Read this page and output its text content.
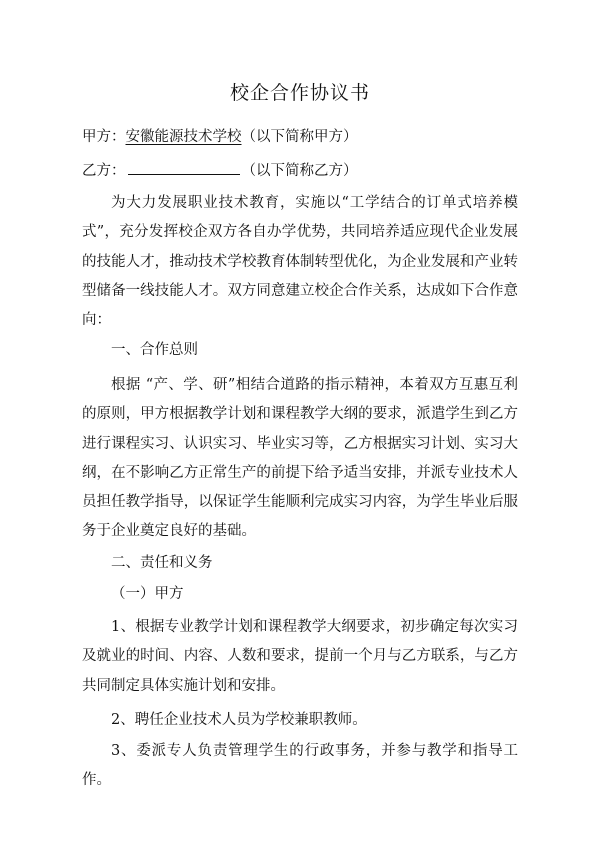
校企合作协议书
甲方：安徽能源技术学校（以下简称甲方）
乙方：	（以下简称乙方）

为大力发展职业技术教育，实施以“工学结合的订单式培养模式”，充分发挥校企双方各自办学优势，共同培养适应现代企业发展的技能人才，推动技术学校教育体制转型优化，为企业发展和产业转型储备一线技能人才。双方同意建立校企合作关系，达成如下合作意向：

一、合作总则

根据 “产、学、研”相结合道路的指示精神，本着双方互惠互利的原则，甲方根据教学计划和课程教学大纲的要求，派遣学生到乙方进行课程实习、认识实习、毕业实习等，乙方根据实习计划、实习大纲，在不影响乙方正常生产的前提下给予适当安排，并派专业技术人员担任教学指导，以保证学生能顺利完成实习内容，为学生毕业后服务于企业奠定良好的基础。

二、责任和义务
（一）甲方

1、根据专业教学计划和课程教学大纲要求，初步确定每次实习及就业的时间、内容、人数和要求，提前一个月与乙方联系，与乙方共同制定具体实施计划和安排。

2、聘任企业技术人员为学校兼职教师。

3、委派专人负责管理学生的行政事务，并参与教学和指导工作。
